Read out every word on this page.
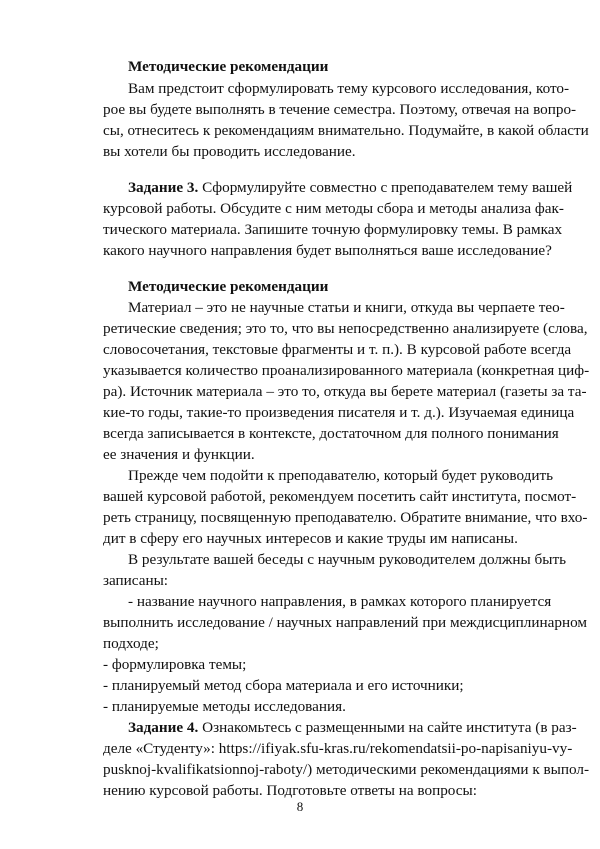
Методические рекомендации
Вам предстоит сформулировать тему курсового исследования, кото-
рое вы будете выполнять в течение семестра. Поэтому, отвечая на вопро-
сы, отнеситесь к рекомендациям внимательно. Подумайте, в какой области
вы хотели бы проводить исследование.
Задание 3. Сформулируйте совместно с преподавателем тему вашей
курсовой работы. Обсудите с ним методы сбора и методы анализа фак-
тического материала. Запишите точную формулировку темы. В рамках
какого научного направления будет выполняться ваше исследование?
Методические рекомендации
Материал – это не научные статьи и книги, откуда вы черпаете тео-
ретические сведения; это то, что вы непосредственно анализируете (слова,
словосочетания, текстовые фрагменты и т. п.). В курсовой работе всегда
указывается количество проанализированного материала (конкретная циф-
ра). Источник материала – это то, откуда вы берете материал (газеты за та-
кие-то годы, такие-то произведения писателя и т. д.). Изучаемая единица
всегда записывается в контексте, достаточном для полного понимания
ее значения и функции.
Прежде чем подойти к преподавателю, который будет руководить
вашей курсовой работой, рекомендуем посетить сайт института, посмот-
реть страницу, посвященную преподавателю. Обратите внимание, что вхо-
дит в сферу его научных интересов и какие труды им написаны.
В результате вашей беседы с научным руководителем должны быть
записаны:
- название научного направления, в рамках которого планируется
выполнить исследование / научных направлений при междисциплинарном
подходе;
- формулировка темы;
- планируемый метод сбора материала и его источники;
- планируемые методы исследования.
Задание 4. Ознакомьтесь с размещенными на сайте института (в раз-
деле «Студенту»: https://ifiyak.sfu-kras.ru/rekomendatsii-po-napisaniyu-vy-
pusknoj-kvalifikatsionnoj-raboty/) методическими рекомендациями к выпол-
нению курсовой работы. Подготовьте ответы на вопросы:
8
